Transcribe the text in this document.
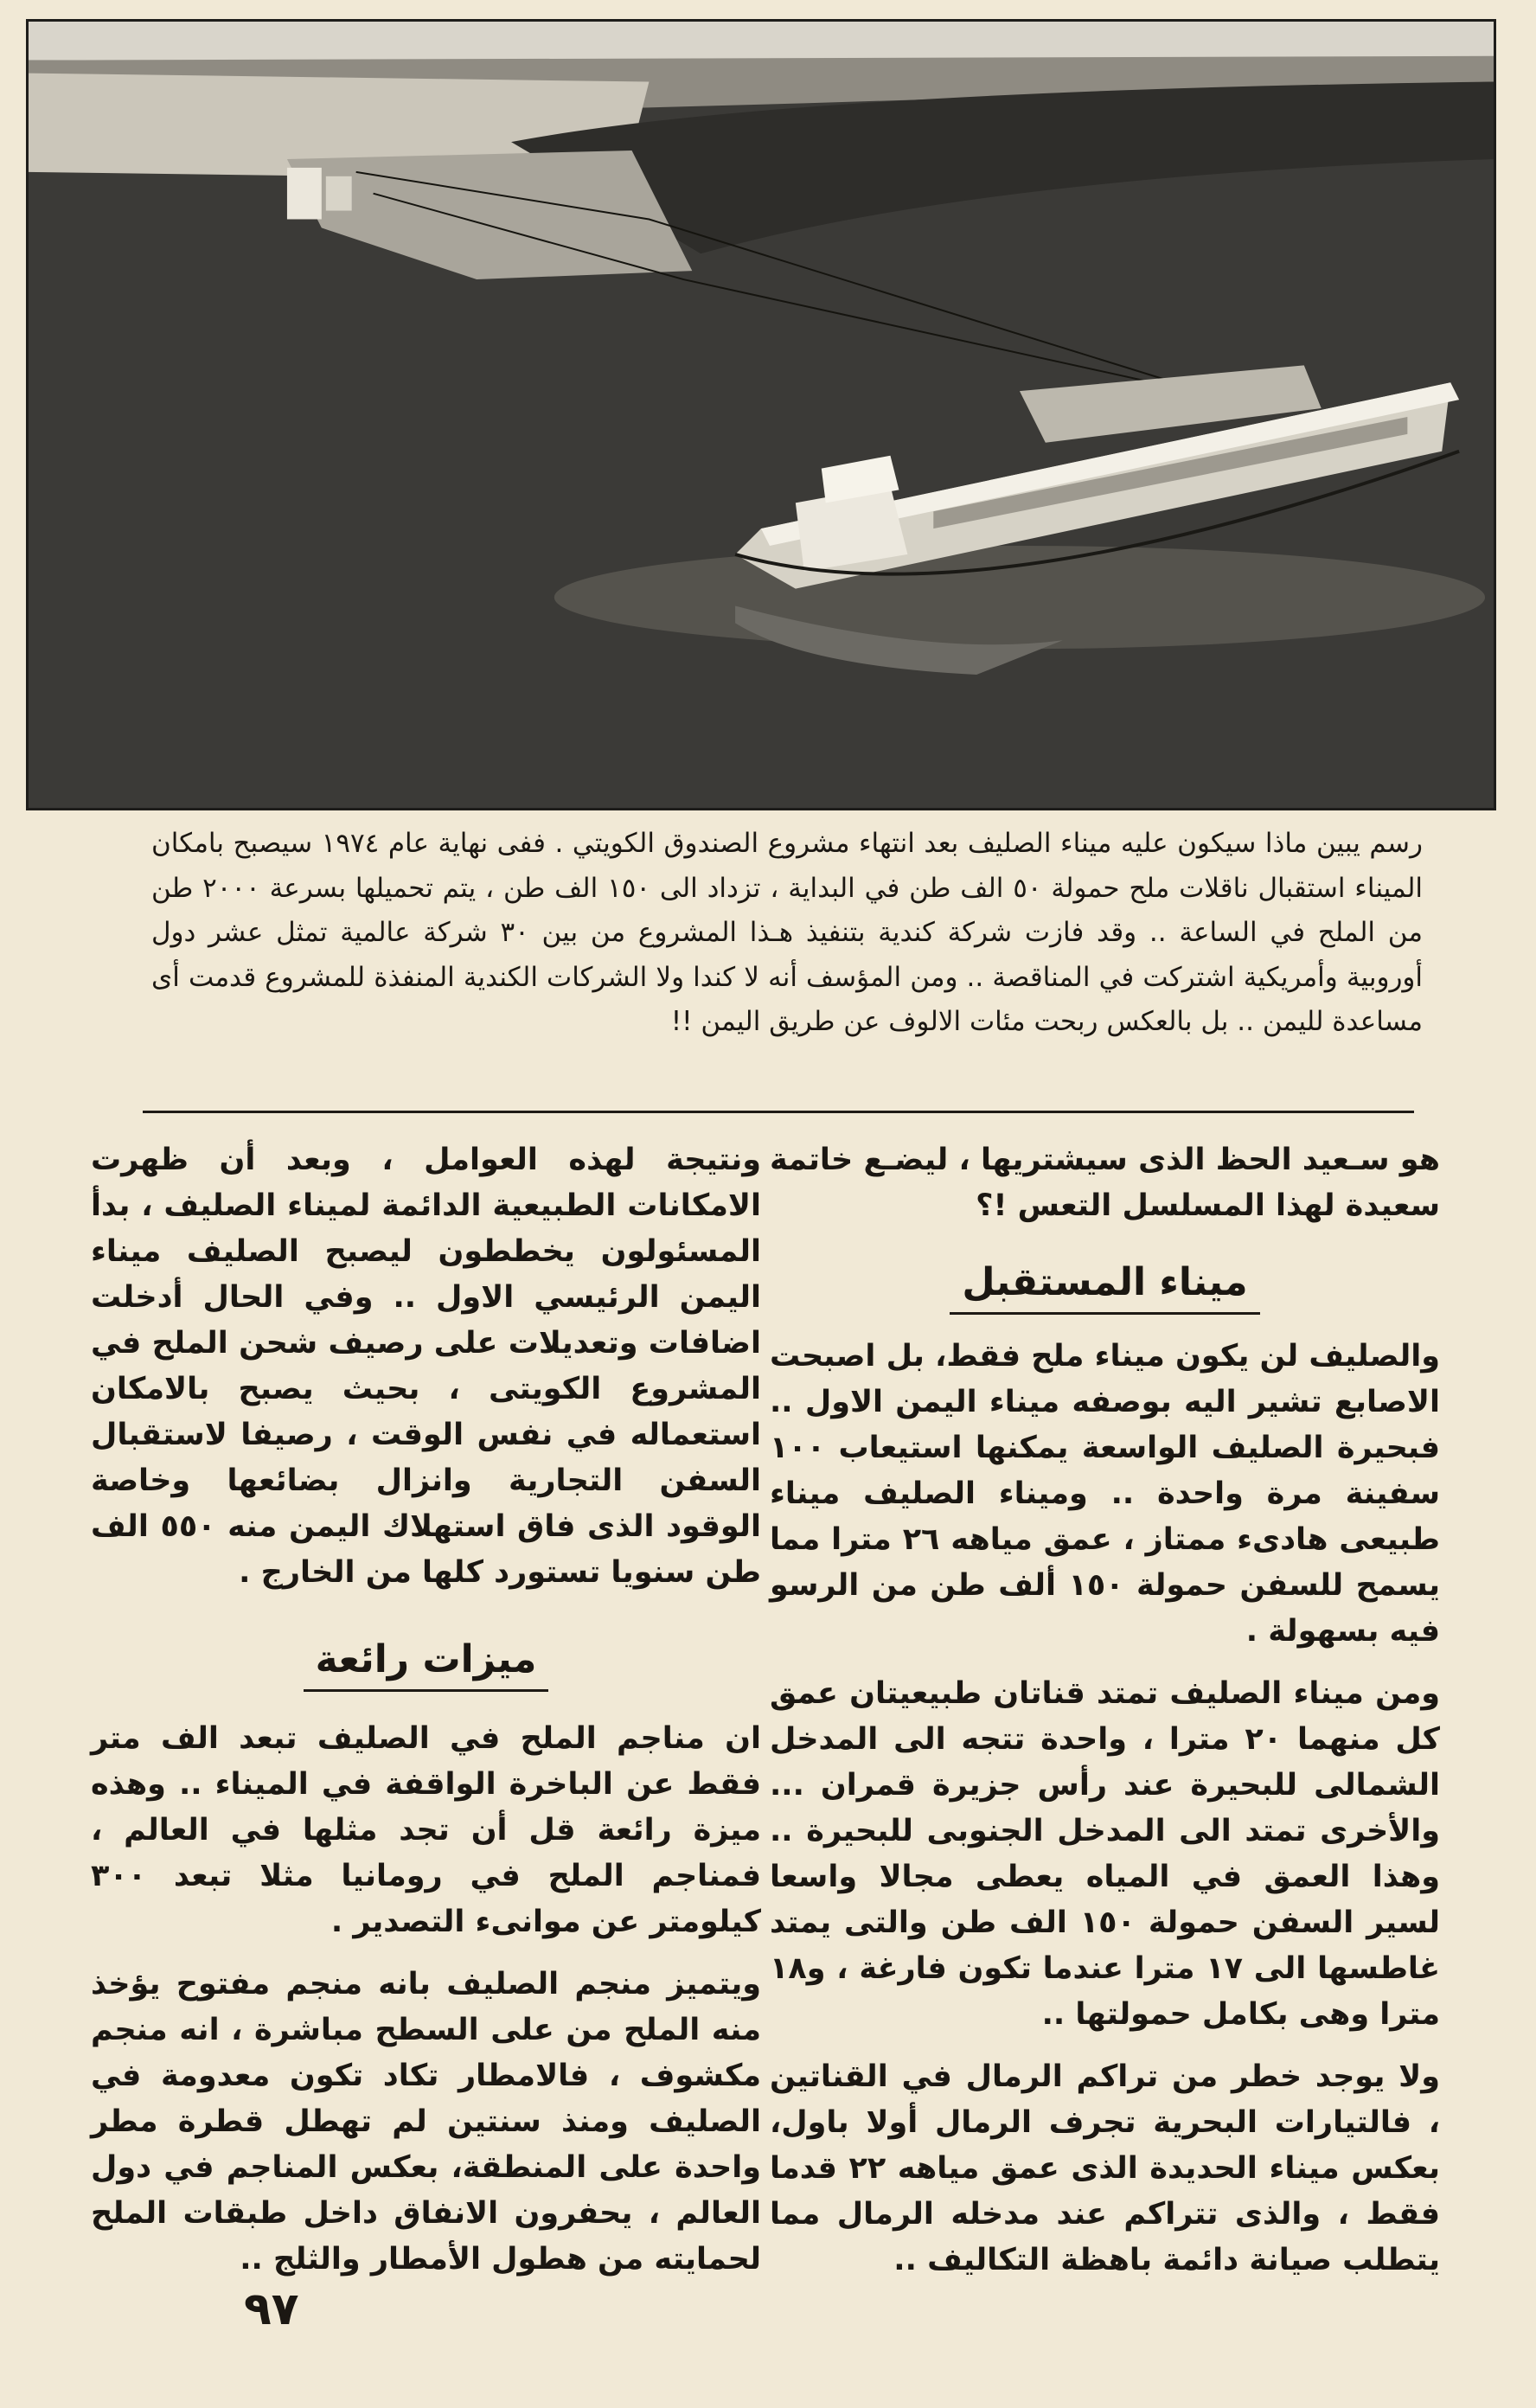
رسم يبين ماذا سيكون عليه ميناء الصليف بعد انتهاء مشروع الصندوق الكويتي . ففى نهاية عام ١٩٧٤ سيصبح بامكان الميناء استقبال ناقلات ملح حمولة ٥٠ الف طن في البداية ، تزداد الى ١٥٠ الف طن ، يتم تحميلها بسرعة ٢٠٠٠ طن من الملح في الساعة .. وقد فازت شركة كندية بتنفيذ هـذا المشروع من بين ٣٠ شركة عالمية تمثل عشر دول أوروبية وأمريكية اشتركت في المناقصة .. ومن المؤسف أنه لا كندا ولا الشركات الكندية المنفذة للمشروع قدمت أى مساعدة لليمن .. بل بالعكس ربحت مئات الالوف عن طريق اليمن !!

هو سـعيد الحظ الذى سيشتريها ، ليضـع خاتمة سعيدة لهذا المسلسل التعس !؟

ميناء المستقبل

والصليف لن يكون ميناء ملح فقط، بل اصبحت الاصابع تشير اليه بوصفه ميناء اليمن الاول .. فبحيرة الصليف الواسعة يمكنها استيعاب ١٠٠ سفينة مرة واحدة .. وميناء الصليف ميناء طبيعى هادىء ممتاز ، عمق مياهه ٢٦ مترا مما يسمح للسفن حمولة ١٥٠ ألف طن من الرسو فيه بسهولة .

ومن ميناء الصليف تمتد قناتان طبيعيتان عمق كل منهما ٢٠ مترا ، واحدة تتجه الى المدخل الشمالى للبحيرة عند رأس جزيرة قمران ... والأخرى تمتد الى المدخل الجنوبى للبحيرة .. وهذا العمق في المياه يعطى مجالا واسعا لسير السفن حمولة ١٥٠ الف طن والتى يمتد غاطسها الى ١٧ مترا عندما تكون فارغة ، و١٨ مترا وهى بكامل حمولتها ..

ولا يوجد خطر من تراكم الرمال في القناتين ، فالتيارات البحرية تجرف الرمال أولا باول، بعكس ميناء الحديدة الذى عمق مياهه ٢٢ قدما فقط ، والذى تتراكم عند مدخله الرمال مما يتطلب صيانة دائمة باهظة التكاليف ..

ونتيجة لهذه العوامل ، وبعد أن ظهرت الامكانات الطبيعية الدائمة لميناء الصليف ، بدأ المسئولون يخططون ليصبح الصليف ميناء اليمن الرئيسي الاول .. وفي الحال أدخلت اضافات وتعديلات على رصيف شحن الملح في المشروع الكويتى ، بحيث يصبح بالامكان استعماله في نفس الوقت ، رصيفا لاستقبال السفن التجارية وانزال بضائعها وخاصة الوقود الذى فاق استهلاك اليمن منه ٥٥٠ الف طن سنويا تستورد كلها من الخارج .

ميزات رائعة

ان مناجم الملح في الصليف تبعد الف متر فقط عن الباخرة الواقفة في الميناء .. وهذه ميزة رائعة قل أن تجد مثلها في العالم ، فمناجم الملح في رومانيا مثلا تبعد ٣٠٠ كيلومتر عن موانىء التصدير .

ويتميز منجم الصليف بانه منجم مفتوح يؤخذ منه الملح من على السطح مباشرة ، انه منجم مكشوف ، فالامطار تكاد تكون معدومة في الصليف ومنذ سنتين لم تهطل قطرة مطر واحدة على المنطقة، بعكس المناجم في دول العالم ، يحفرون الانفاق داخل طبقات الملح لحمايته من هطول الأمطار والثلج ..

٩٧
